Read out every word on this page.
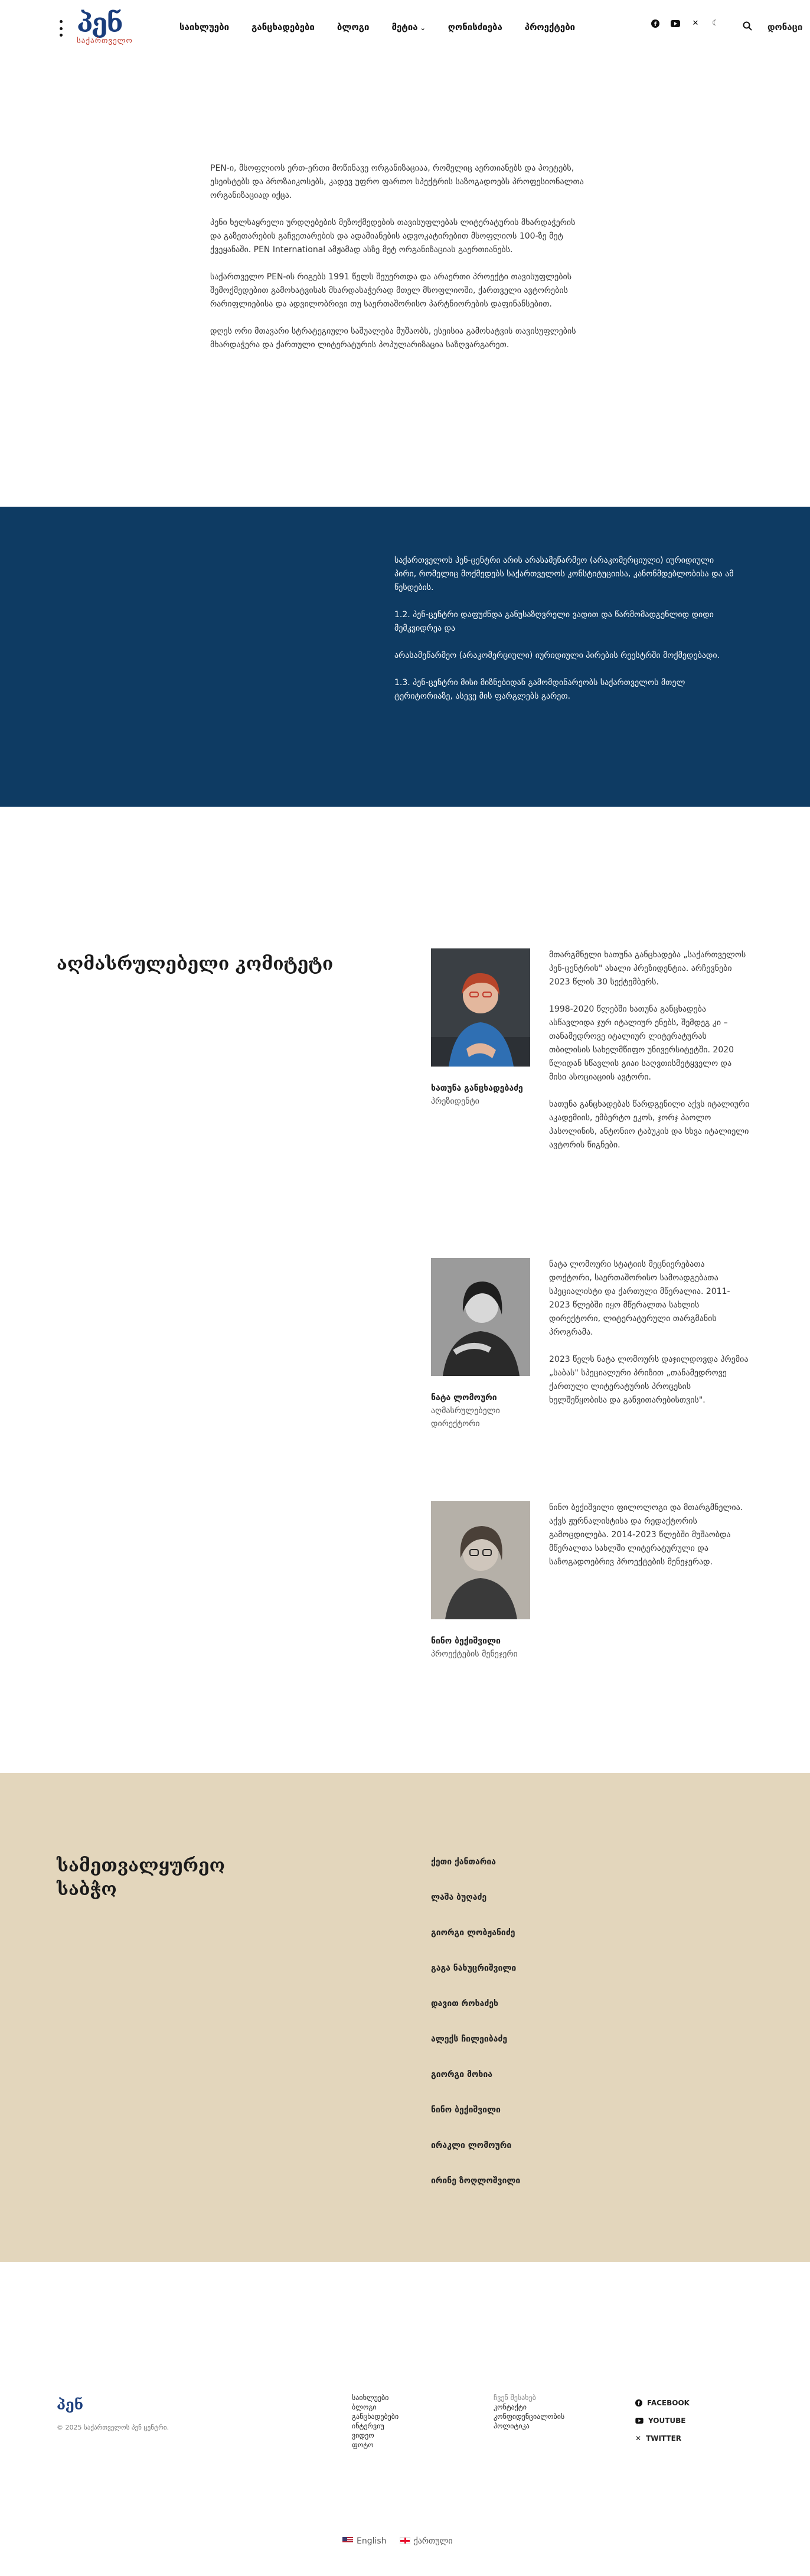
პენ
საქართველო
საიხლუები	განცხადებები	ბლოგი	მეტია ⌄	ღონისძიება	პროექტები	f	✕ ☾	დონაცი

PEN-ი, მსოფლიოს ერთ-ერთი მოწინავე ორგანიზაციაა, რომელიც აერთიანებს და პოეტებს, ესეისტებს და პროზაიკოსებს, კადევ უფრო ფართო სპექტრის საზოგადოებს პროფესიონალთა ორგანიზაციად იქცა.

პენი ხელსაყრელი ურდღებების მეზოქმედების თავისუფლებას ლიტერატურის მხარდაჭერის და გაზეთარების გაჩვეთარების და ადამიანების ადვოკატირებით მსოფლიოს 100-ზე მეტ ქვეყანაში. PEN International ამჟამად ასზე მეტ ორგანიზაციას გაერთიანებს.

საქართველო PEN-ის რიგებს 1991 წელს შეუერთდა და არაერთი პროექტი თავისუფლების შემოქმედებით გამოხატვისას მხარდასაჭერად მთელ მსოფლიოში, ქართველი ავტორების რარიფლიებისა და ადვილობრივი თუ საერთაშორისო პარტნიორების დაფინანსებით.

დღეს ორი მთავარი სტრატეგიული საშუალება მუშაობს, ესეისია გამოხატვის თავისუფლების მხარდაჭერა და ქართული ლიტერატურის პოპულარიზაცია საზღვარგარეთ.

საქართველოს პენ-ცენტრი არის არასამეწარმეო (არაკომერციული) იურიდიული პირი, რომელიც მოქმედებს საქართველოს კონსტიტუციისა, კანონმდებლობისა და ამ წესდების.

1.2. პენ-ცენტრი დაფუძნდა განუსაზღვრელი ვადით და წარმომადგენლიდ დიდი მემკვიდრეა და

არასამეწარმეო (არაკომერციული) იურიდიული პირების რეესტრში მოქმედებადი.

1.3. პენ-ცენტრი მისი მიზნებიდან გამომდინარეობს საქართველოს მთელ ტერიტორიაზე, ასევე მის ფარგლებს გარეთ.

აღმასრულებელი კომიტეტი
ხათუნა განცხადებაძე
პრეზიდენტი

მთარგმნელი ხათუნა განცხადება „საქართველოს პენ-ცენტრის" ახალი პრეზიდენტია. არჩევნები 2023 წლის 30 სექტემბერს.

1998-2020 წლებში ხათუნა განცხადება ასწავლიდა ჯურ იტალიურ ენებს, შემდეგ კი – თანამედროვე იტალიურ ლიტერატურას თბილისის სახელმწიფო უნივერსიტეტში. 2020 წლიდან სწავლის გიაი საღვთისმეტყველო და მისი ასოციაციის ავტორი.

ხათუნა განცხადებას წარდგენილი აქვს იტალიური აკადემიის, ემბერტო ეკოს, ჯორჯ პაოლო პასოლინის, ანტონიო ტაბუკის და სხვა იტალიელი ავტორის წიგნები.

ნატა ლომოური
აღმასრულებელი დირექტორი

ნატა ლომოური სტატიის მეცნიერებათა დოქტორი, საერთაშორისო სამოადგებათა სპეციალისტი და ქართული მწერალია. 2011-2023 წლებში იყო მწერალთა სახლის დირექტორი, ლიტერატურული თარგმანის პროგრამა.

2023 წელს ნატა ლომოურს დაჯილდოვდა პრემია „საბას" სპეციალური პრიზით „თანამედროვე ქართული ლიტერატურის პროცესის ხელშეწყობისა და განვითარებისთვის".

ნინო ბექიშვილი
პროექტების მენეჯერი

ნინო ბექიშვილი ფილოლოგი და მთარგმნელია. აქვს ჟურნალისტისა და რედაქტორის გამოცდილება. 2014-2023 წლებში მუშაობდა მწერალთა სახლში ლიტერატურული და საზოგადოებრივ პროექტების მენეჯერად.

სამეთვალყურეო საბჭო
ქეთი ქანთარია
ლაშა ბუღაძე
გიორგი ლობჟანიძე
გაგა ნახუცრიშვილი
დავით როხაძეხ
ალექს ჩილეიბაძე
გიორგი მოხია
ნინო ბექიშვილი
ირაკლი ლომოური
ირინე ზოღლოშვილი
პენ
© 2025 საქართველოს პენ ცენტრი.
საიხლუები
ბლოგი
განცხადებები
ინტერვიუ
ვიდეო
ფოტო
ჩვენ შესახებ
კონტაქტი
კონფიდენციალობის პოლიტიკა
f FACEBOOK
YOUTUBE
✕ TWITTER
English	ქართული
